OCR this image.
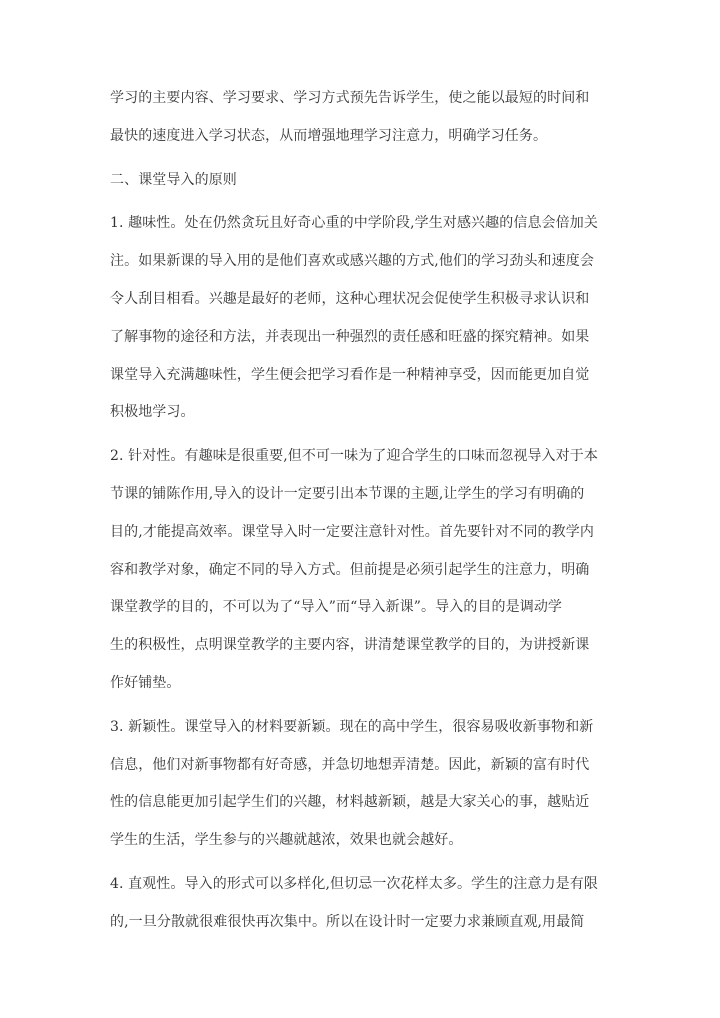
学习的主要内容、学习要求、学习方式预先告诉学生，使之能以最短的时间和
最快的速度进入学习状态，从而增强地理学习注意力，明确学习任务。
二、课堂导入的原则
1. 趣味性。处在仍然贪玩且好奇心重的中学阶段,学生对感兴趣的信息会倍加关
注。如果新课的导入用的是他们喜欢或感兴趣的方式,他们的学习劲头和速度会
令人刮目相看。兴趣是最好的老师，这种心理状况会促使学生积极寻求认识和
了解事物的途径和方法，并表现出一种强烈的责任感和旺盛的探究精神。如果
课堂导入充满趣味性，学生便会把学习看作是一种精神享受，因而能更加自觉
积极地学习。
2. 针对性。有趣味是很重要,但不可一味为了迎合学生的口味而忽视导入对于本
节课的铺陈作用,导入的设计一定要引出本节课的主题,让学生的学习有明确的
目的,才能提高效率。课堂导入时一定要注意针对性。首先要针对不同的教学内
容和教学对象，确定不同的导入方式。但前提是必须引起学生的注意力，明确
课堂教学的目的，不可以为了“导入”而“导入新课”。导入的目的是调动学
生的积极性，点明课堂教学的主要内容，讲清楚课堂教学的目的，为讲授新课
作好铺垫。
3. 新颖性。课堂导入的材料要新颖。现在的高中学生，很容易吸收新事物和新
信息，他们对新事物都有好奇感，并急切地想弄清楚。因此，新颖的富有时代
性的信息能更加引起学生们的兴趣，材料越新颖，越是大家关心的事，越贴近
学生的生活，学生参与的兴趣就越浓，效果也就会越好。
4. 直观性。导入的形式可以多样化,但切忌一次花样太多。学生的注意力是有限
的,一旦分散就很难很快再次集中。所以在设计时一定要力求兼顾直观,用最简
